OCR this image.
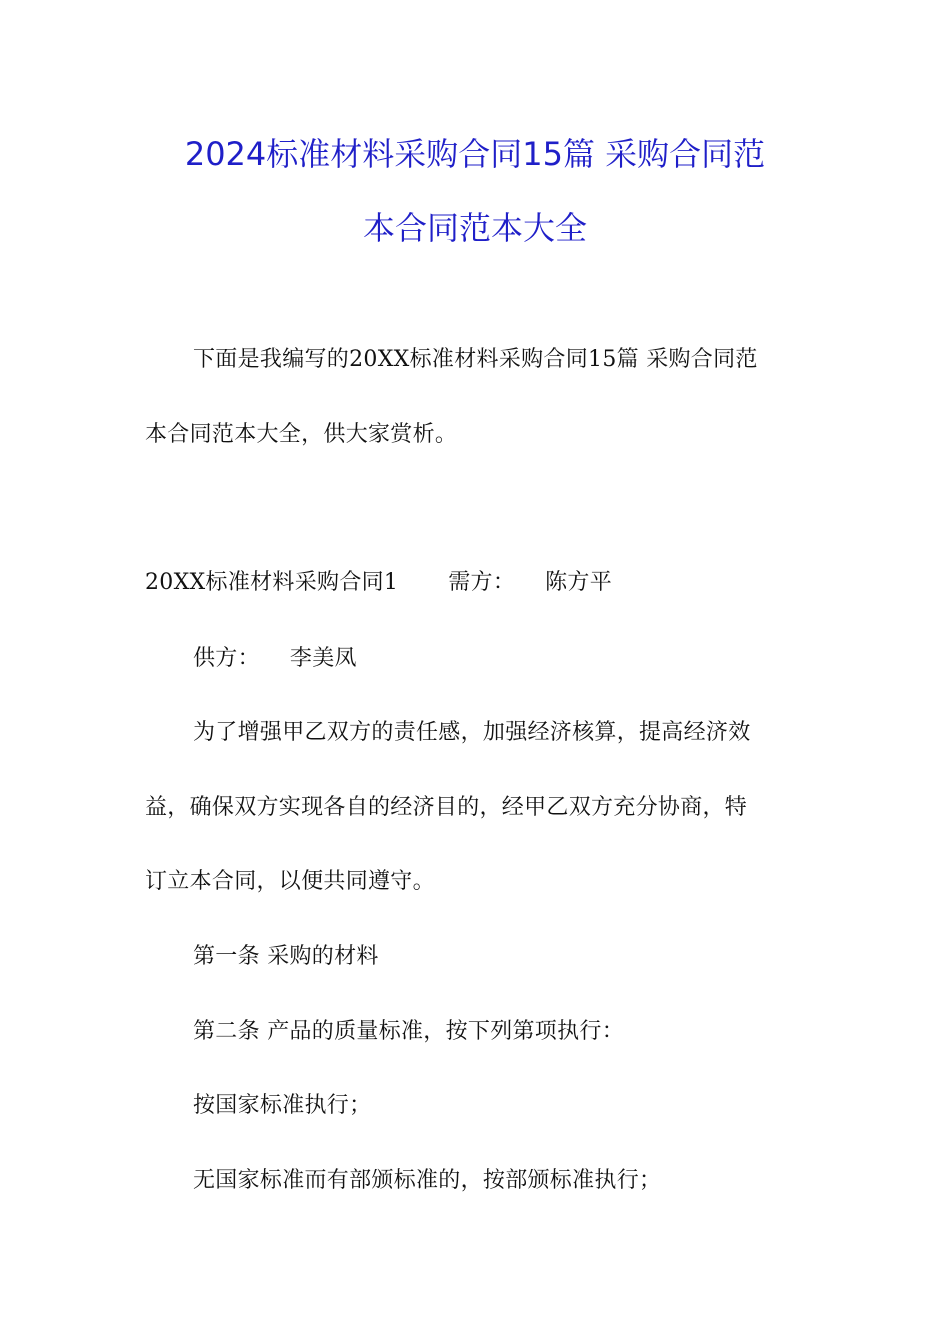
2024标准材料采购合同15篇 采购合同范
本合同范本大全
下面是我编写的20XX标准材料采购合同15篇 采购合同范
本合同范本大全，供大家赏析。
20XX标准材料采购合同1 需方： 陈方平
供方： 李美凤
为了增强甲乙双方的责任感，加强经济核算，提高经济效
益，确保双方实现各自的经济目的，经甲乙双方充分协商，特
订立本合同，以便共同遵守。
第一条 采购的材料
第二条 产品的质量标准，按下列第项执行：
按国家标准执行；
无国家标准而有部颁标准的，按部颁标准执行；
